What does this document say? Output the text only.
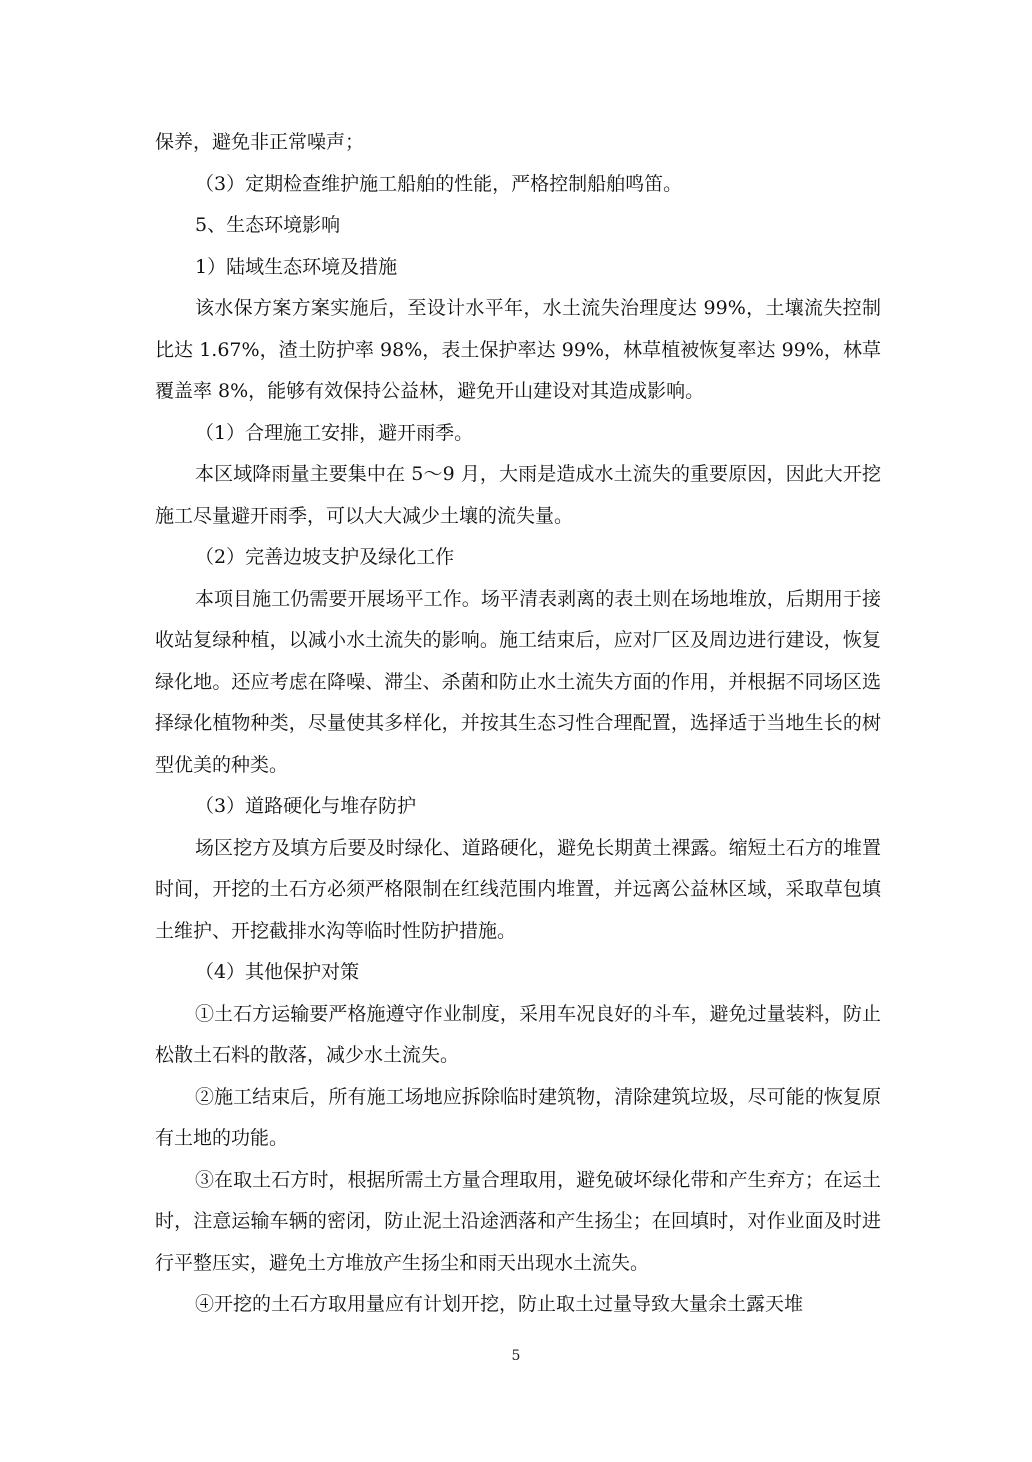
保养，避免非正常噪声；

（3）定期检查维护施工船舶的性能，严格控制船舶鸣笛。

5、生态环境影响

1）陆域生态环境及措施

该水保方案方案实施后，至设计水平年，水土流失治理度达 99%，土壤流失控制比达 1.67%，渣土防护率 98%，表土保护率达 99%，林草植被恢复率达 99%，林草覆盖率 8%，能够有效保持公益林，避免开山建设对其造成影响。

（1）合理施工安排，避开雨季。

本区域降雨量主要集中在 5～9 月，大雨是造成水土流失的重要原因，因此大开挖施工尽量避开雨季，可以大大减少土壤的流失量。

（2）完善边坡支护及绿化工作

本项目施工仍需要开展场平工作。场平清表剥离的表土则在场地堆放，后期用于接收站复绿种植，以减小水土流失的影响。施工结束后，应对厂区及周边进行建设，恢复绿化地。还应考虑在降噪、滞尘、杀菌和防止水土流失方面的作用，并根据不同场区选择绿化植物种类，尽量使其多样化，并按其生态习性合理配置，选择适于当地生长的树型优美的种类。

（3）道路硬化与堆存防护

场区挖方及填方后要及时绿化、道路硬化，避免长期黄土裸露。缩短土石方的堆置时间，开挖的土石方必须严格限制在红线范围内堆置，并远离公益林区域，采取草包填土维护、开挖截排水沟等临时性防护措施。

（4）其他保护对策

①土石方运输要严格施遵守作业制度，采用车况良好的斗车，避免过量装料，防止松散土石料的散落，减少水土流失。

②施工结束后，所有施工场地应拆除临时建筑物，清除建筑垃圾，尽可能的恢复原有土地的功能。

③在取土石方时，根据所需土方量合理取用，避免破坏绿化带和产生弃方；在运土时，注意运输车辆的密闭，防止泥土沿途洒落和产生扬尘；在回填时，对作业面及时进行平整压实，避免土方堆放产生扬尘和雨天出现水土流失。

④开挖的土石方取用量应有计划开挖，防止取土过量导致大量余土露天堆

5
